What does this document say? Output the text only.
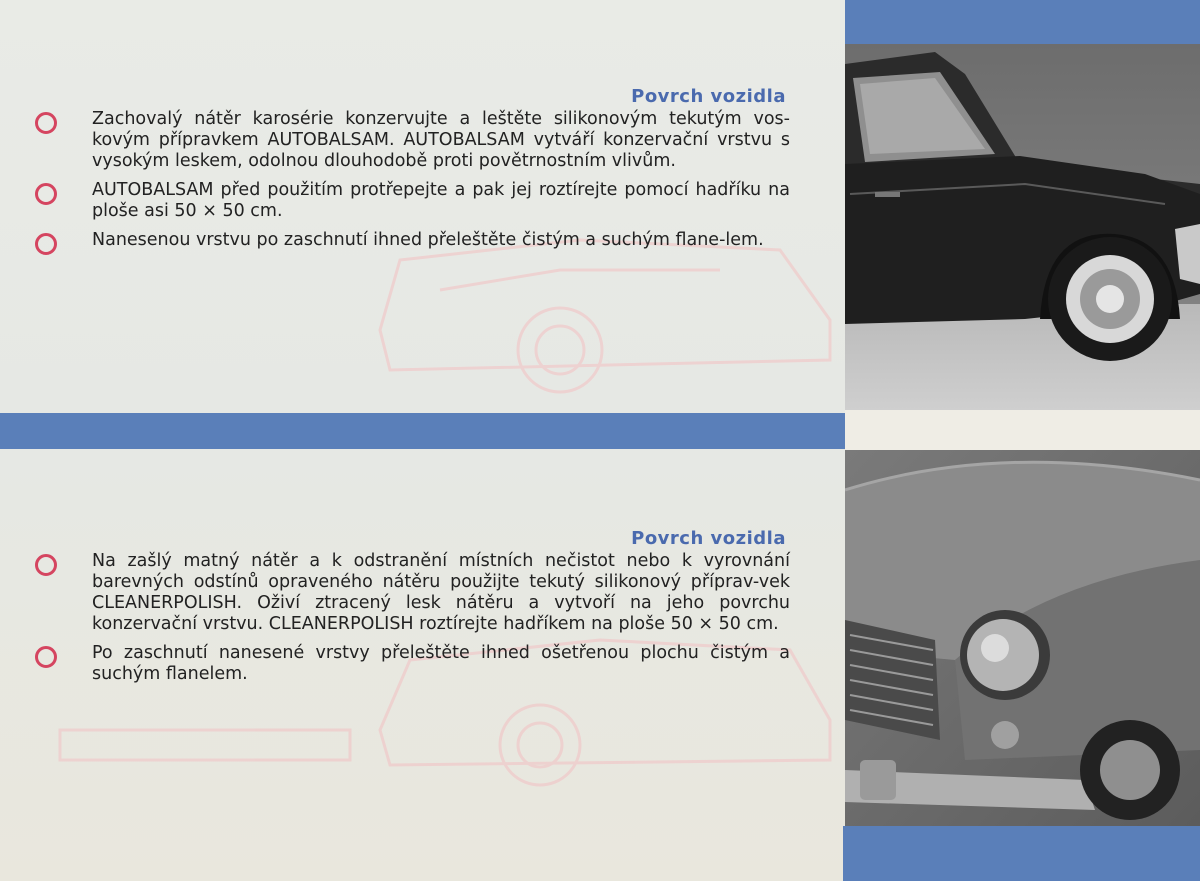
Povrch vozidla
Zachovalý nátěr karosérie konzervujte a leštěte silikonovým tekutým vos-kovým přípravkem AUTOBALSAM. AUTOBALSAM vytváří konzervační vrstvu s vysokým leskem, odolnou dlouhodobě proti povětrnostním vlivům.
AUTOBALSAM před použitím protřepejte a pak jej roztírejte pomocí hadříku na ploše asi 50 × 50 cm.
Nanesenou vrstvu po zaschnutí ihned přeleštěte čistým a suchým flane-lem.
Povrch vozidla
Na zašlý matný nátěr a k odstranění místních nečistot nebo k vyrovnání barevných odstínů opraveného nátěru použijte tekutý silikonový příprav-vek CLEANERPOLISH. Oživí ztracený lesk nátěru a vytvoří na jeho povrchu konzervační vrstvu. CLEANERPOLISH roztírejte hadříkem na ploše 50 × 50 cm.
Po zaschnutí nanesené vrstvy přeleštěte ihned ošetřenou plochu čistým a suchým flanelem.
